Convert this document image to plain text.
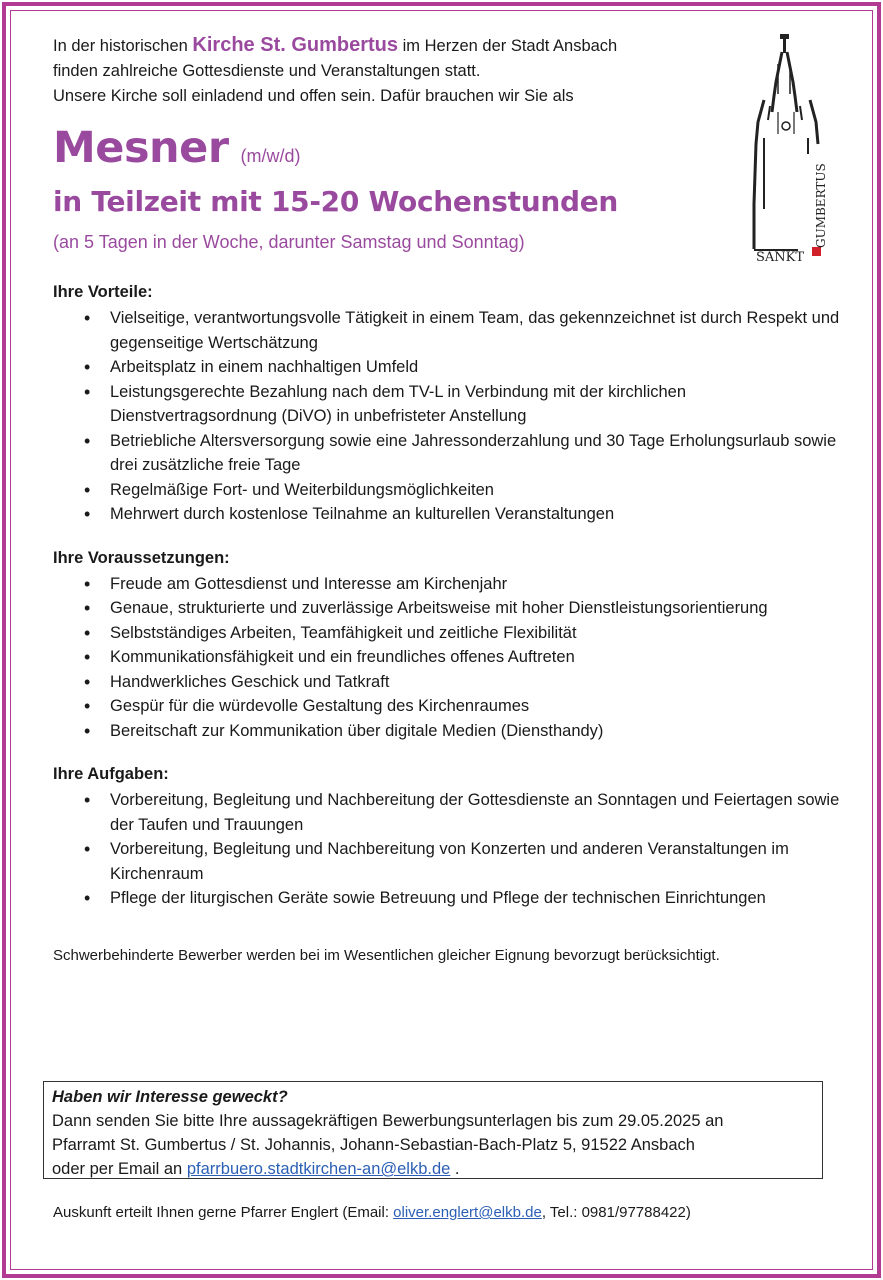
SANKT
GUMBERTUS

In der historischen Kirche St. Gumbertus im Herzen der Stadt Ansbach
finden zahlreiche Gottesdienste und Veranstaltungen statt.
Unsere Kirche soll einladend und offen sein. Dafür brauchen wir Sie als

Mesner (m/w/d)
in Teilzeit mit 15-20 Wochenstunden
(an 5 Tagen in der Woche, darunter Samstag und Sonntag)
Ihre Vorteile:
• Vielseitige, verantwortungsvolle Tätigkeit in einem Team, das gekennzeichnet ist durch Respekt und gegenseitige Wertschätzung
• Arbeitsplatz in einem nachhaltigen Umfeld
• Leistungsgerechte Bezahlung nach dem TV-L in Verbindung mit der kirchlichen Dienstvertragsordnung (DiVO) in unbefristeter Anstellung
• Betriebliche Altersversorgung sowie eine Jahressonderzahlung und 30 Tage Erholungsurlaub sowie drei zusätzliche freie Tage
• Regelmäßige Fort- und Weiterbildungsmöglichkeiten
• Mehrwert durch kostenlose Teilnahme an kulturellen Veranstaltungen
Ihre Voraussetzungen:
• Freude am Gottesdienst und Interesse am Kirchenjahr
• Genaue, strukturierte und zuverlässige Arbeitsweise mit hoher Dienstleistungsorientierung
• Selbstständiges Arbeiten, Teamfähigkeit und zeitliche Flexibilität
• Kommunikationsfähigkeit und ein freundliches offenes Auftreten
• Handwerkliches Geschick und Tatkraft
• Gespür für die würdevolle Gestaltung des Kirchenraumes
• Bereitschaft zur Kommunikation über digitale Medien (Diensthandy)
Ihre Aufgaben:
• Vorbereitung, Begleitung und Nachbereitung der Gottesdienste an Sonntagen und Feiertagen sowie der Taufen und Trauungen
• Vorbereitung, Begleitung und Nachbereitung von Konzerten und anderen Veranstaltungen im Kirchenraum
• Pflege der liturgischen Geräte sowie Betreuung und Pflege der technischen Einrichtungen
Schwerbehinderte Bewerber werden bei im Wesentlichen gleicher Eignung bevorzugt berücksichtigt.
Haben wir Interesse geweckt?
Dann senden Sie bitte Ihre aussagekräftigen Bewerbungsunterlagen bis zum 29.05.2025 an
Pfarramt St. Gumbertus / St. Johannis, Johann-Sebastian-Bach-Platz 5, 91522 Ansbach
oder per Email an pfarrbuero.stadtkirchen-an@elkb.de .
Auskunft erteilt Ihnen gerne Pfarrer Englert (Email: oliver.englert@elkb.de, Tel.: 0981/97788422)
